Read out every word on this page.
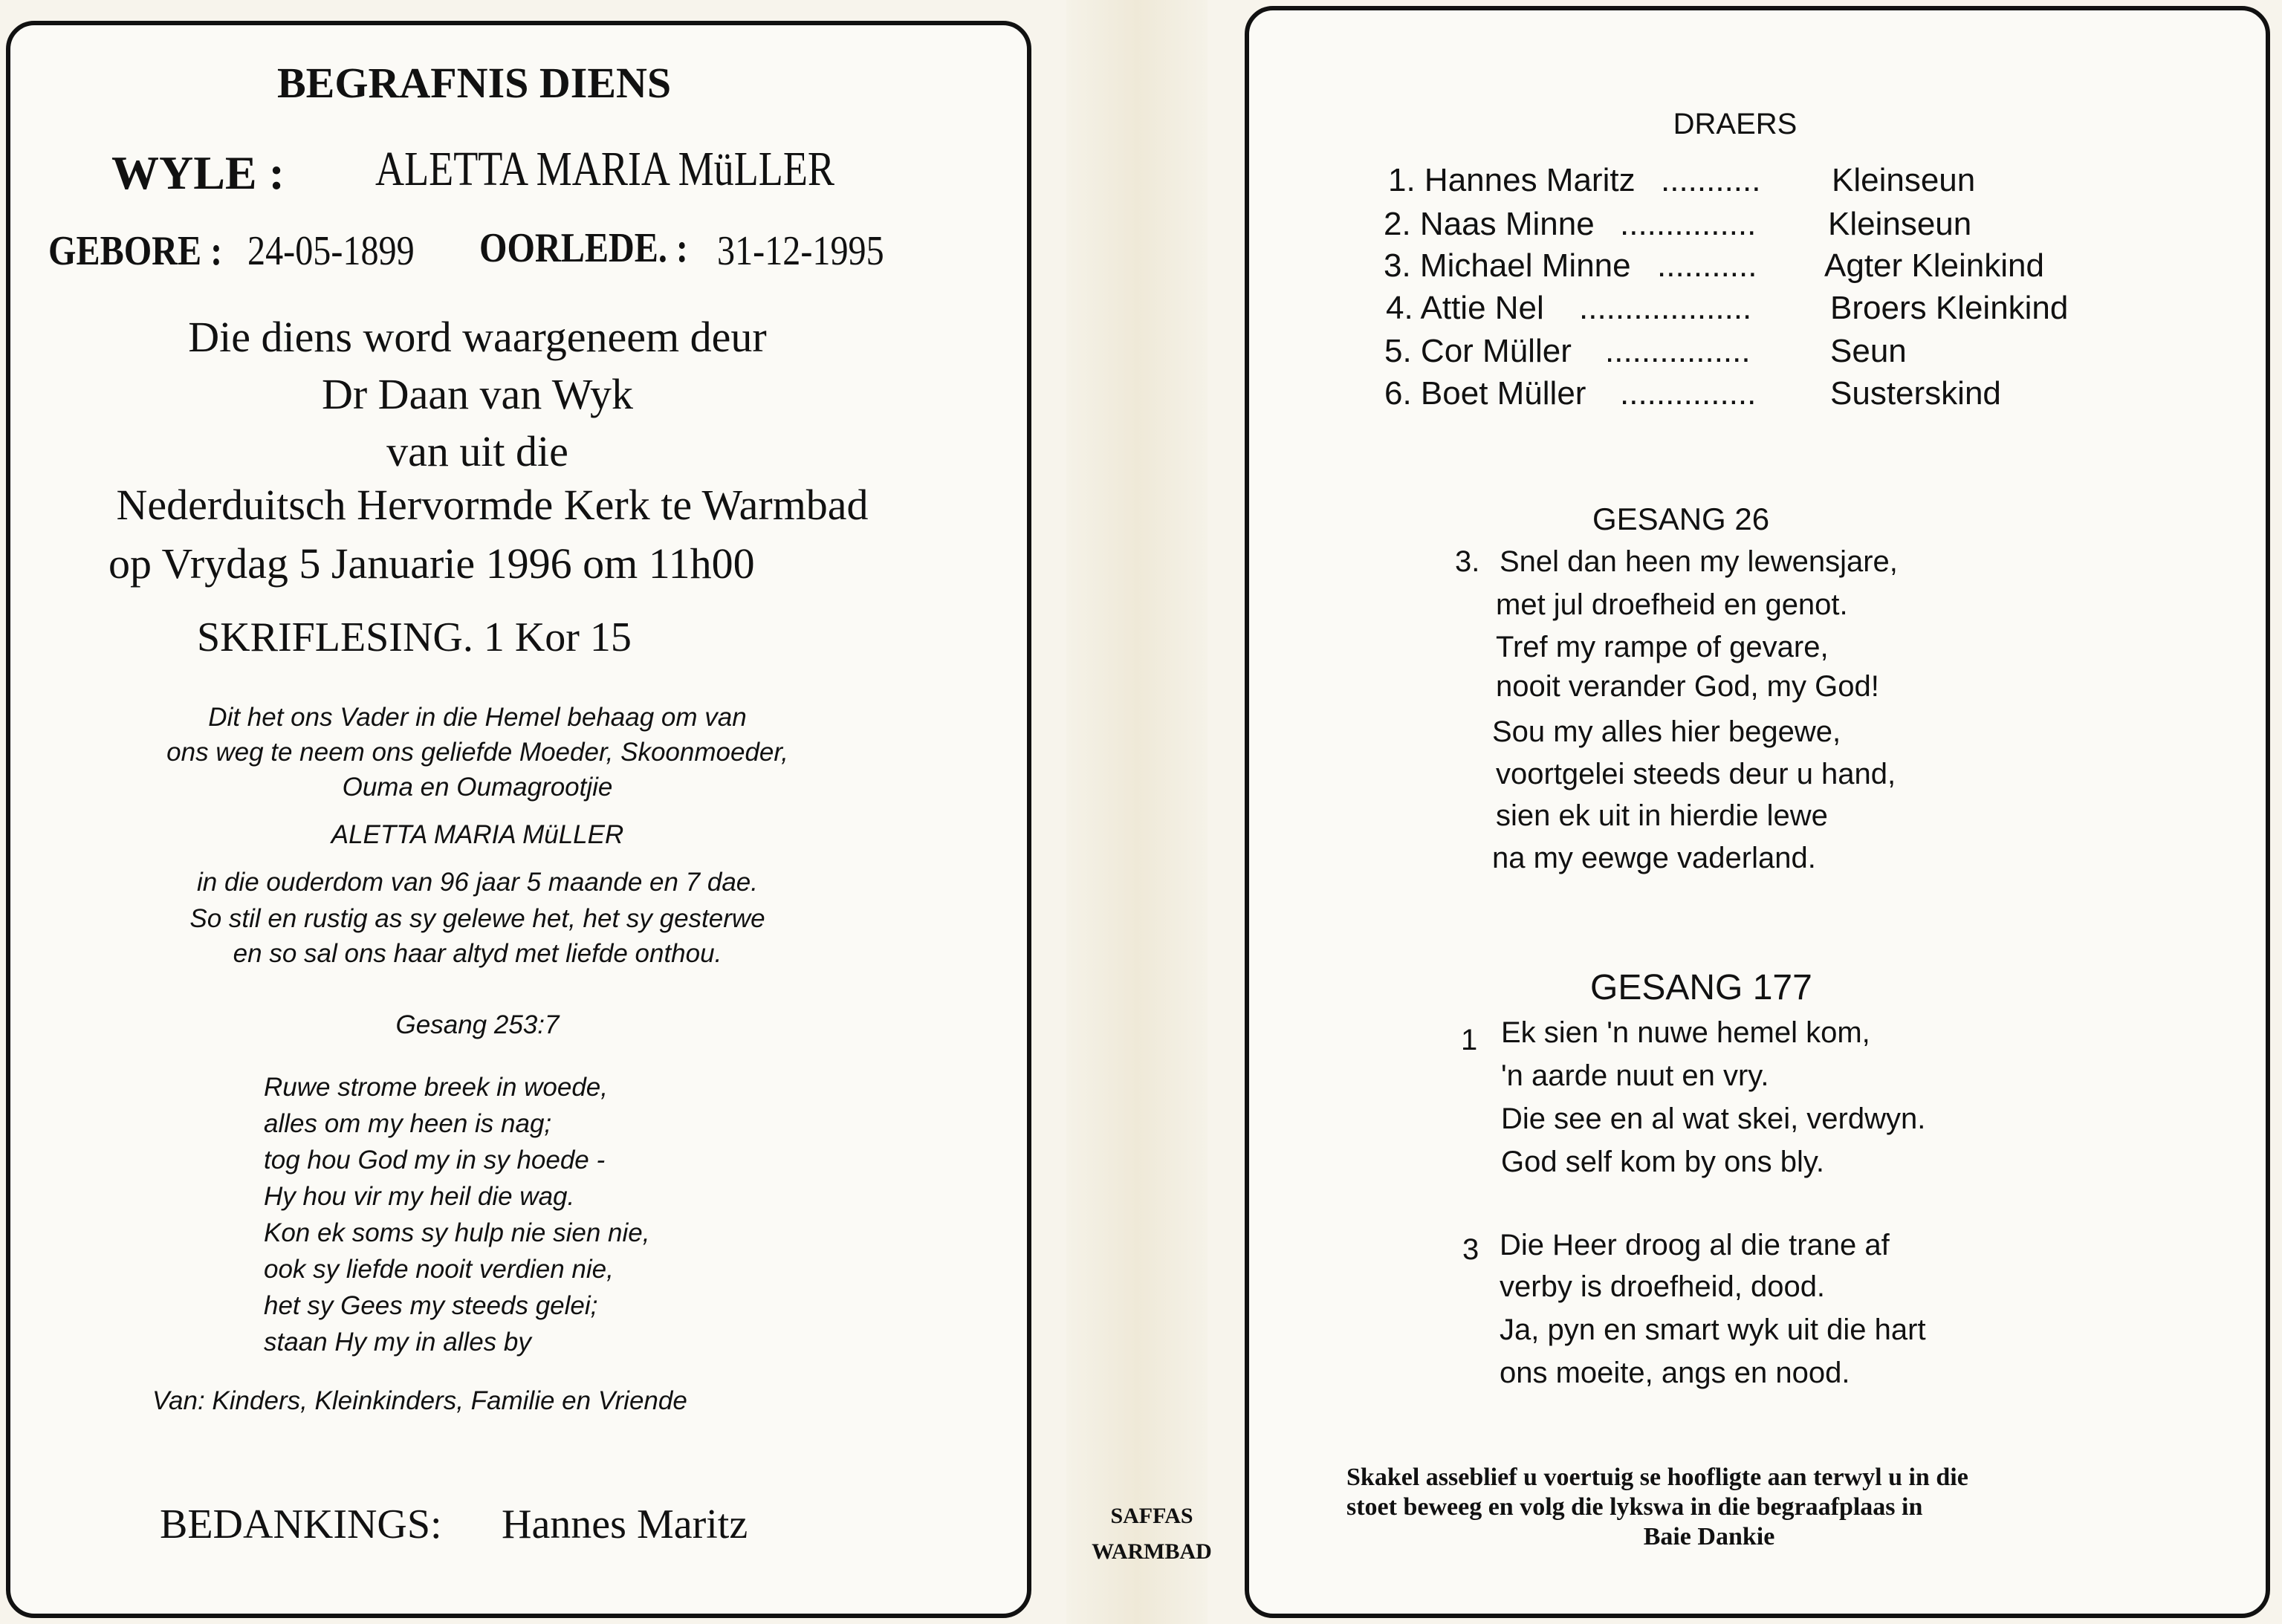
BEGRAFNIS DIENS
WYLE : ALETTA MARIA MüLLER
GEBORE : 24-05-1899 OORLEDE. : 31-12-1995
Die diens word waargeneem deur
Dr Daan van Wyk
van uit die
Nederduitsch Hervormde Kerk te Warmbad
op Vrydag 5 Januarie 1996 om 11h00
SKRIFLESING. 1 Kor 15
Dit het ons Vader in die Hemel behaag om van
ons weg te neem ons geliefde Moeder, Skoonmoeder,
Ouma en Oumagrootjie
ALETTA MARIA MüLLER
in die ouderdom van 96 jaar 5 maande en 7 dae.
So stil en rustig as sy gelewe het, het sy gesterwe
en so sal ons haar altyd met liefde onthou.
Gesang 253:7
Ruwe strome breek in woede,
alles om my heen is nag;
tog hou God my in sy hoede -
Hy hou vir my heil die wag.
Kon ek soms sy hulp nie sien nie,
ook sy liefde nooit verdien nie,
het sy Gees my steeds gelei;
staan Hy my in alles by
Van: Kinders, Kleinkinders, Familie en Vriende
BEDANKINGS: Hannes Maritz	SAFFAS
WARMBAD
DRAERS
1. Hannes Maritz ........... Kleinseun
2. Naas Minne ............... Kleinseun
3. Michael Minne ........... Agter Kleinkind
4. Attie Nel ................... Broers Kleinkind
5. Cor Müller ................ Seun
6. Boet Müller ............... Susterskind
GESANG 26
3. Snel dan heen my lewensjare,
met jul droefheid en genot.
Tref my rampe of gevare,
nooit verander God, my God!
Sou my alles hier begewe,
voortgelei steeds deur u hand,
sien ek uit in hierdie lewe
na my eewge vaderland.
GESANG 177
1 Ek sien 'n nuwe hemel kom,
'n aarde nuut en vry.
Die see en al wat skei, verdwyn.
God self kom by ons bly.
3 Die Heer droog al die trane af
verby is droefheid, dood.
Ja, pyn en smart wyk uit die hart
ons moeite, angs en nood.
Skakel asseblief u voertuig se hoofligte aan terwyl u in die
stoet beweeg en volg die lykswa in die begraafplaas in
Baie Dankie
